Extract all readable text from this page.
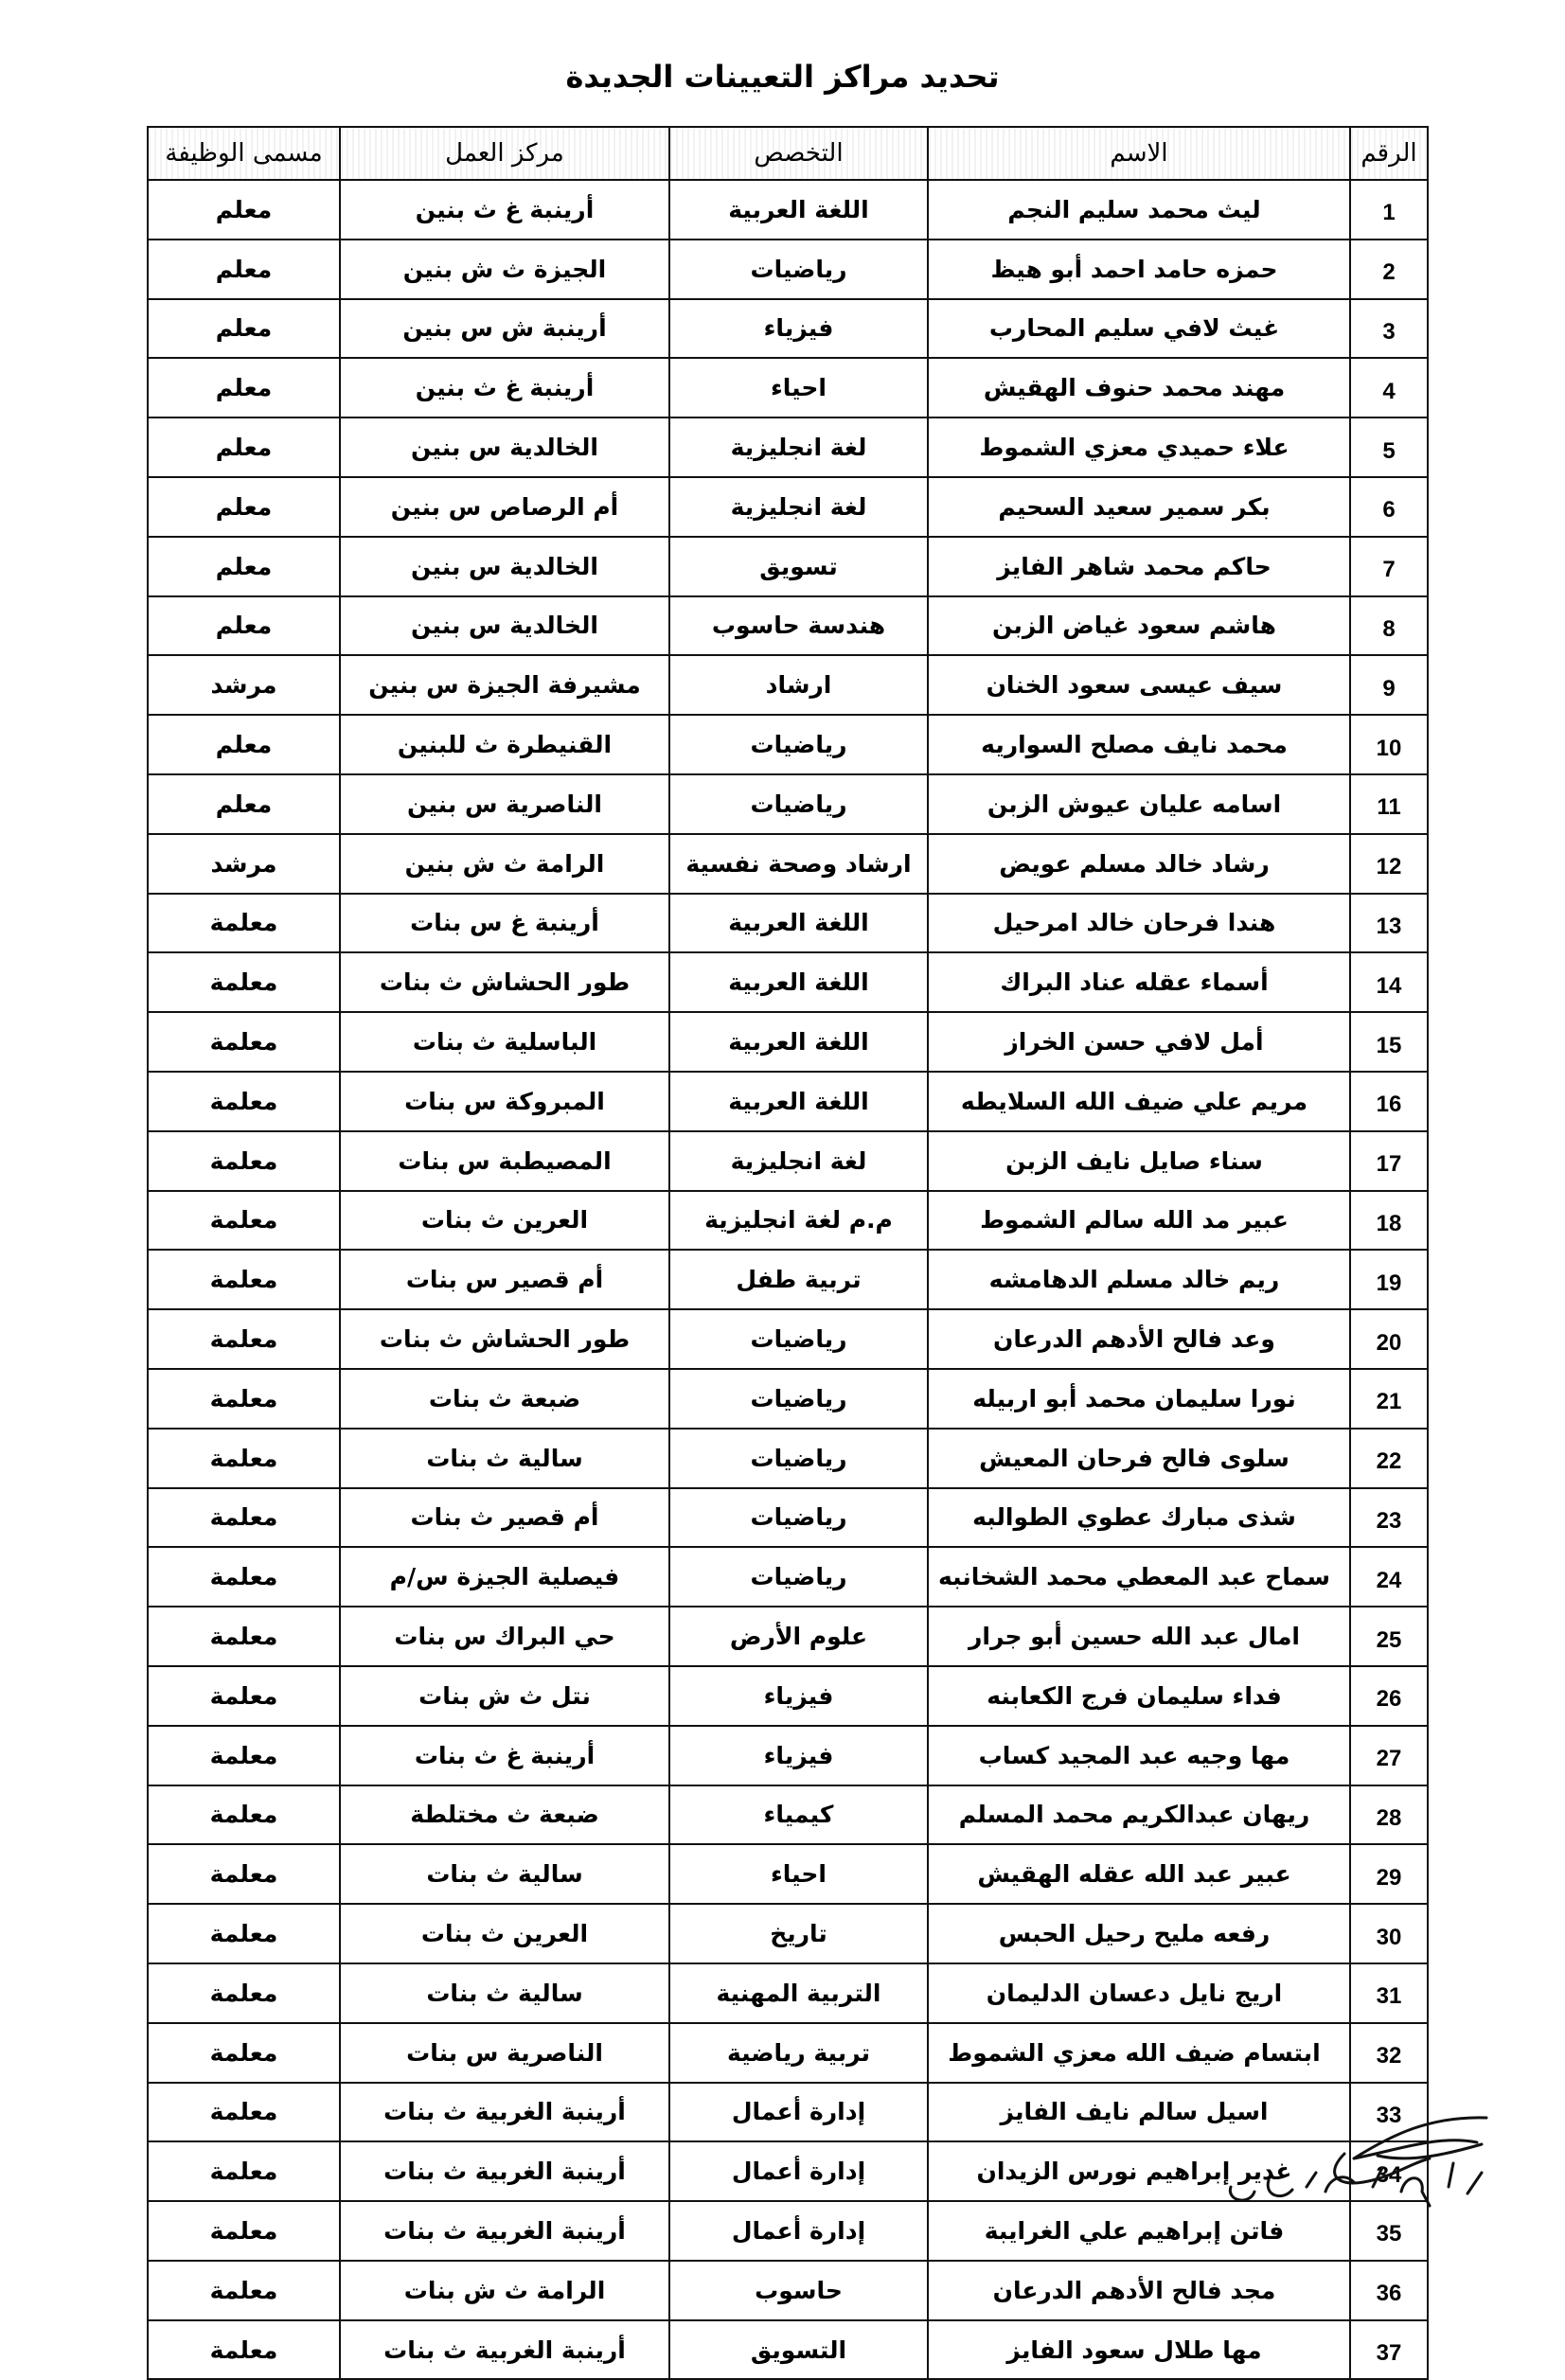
تحديد مراكز التعيينات الجديدة
الرقم	الاسم	التخصص	مركز العمل	مسمى الوظيفة
1	ليث محمد سليم النجم	اللغة العربية	أرينبة غ ث بنين	معلم
2	حمزه حامد احمد أبو هيظ	رياضيات	الجيزة ث ش بنين	معلم
3	غيث لافي سليم المحارب	فيزياء	أرينبة ش س بنين	معلم
4	مهند محمد حنوف الهقيش	احياء	أرينبة غ ث بنين	معلم
5	علاء حميدي معزي الشموط	لغة انجليزية	الخالدية س بنين	معلم
6	بكر سمير سعيد السحيم	لغة انجليزية	أم الرصاص س بنين	معلم
7	حاكم محمد شاهر الفايز	تسويق	الخالدية س بنين	معلم
8	هاشم سعود غياض الزبن	هندسة حاسوب	الخالدية س بنين	معلم
9	سيف عيسى سعود الخنان	ارشاد	مشيرفة الجيزة س بنين	مرشد
10	محمد نايف مصلح السواريه	رياضيات	القنيطرة ث للبنين	معلم
11	اسامه عليان عيوش الزبن	رياضيات	الناصرية س بنين	معلم
12	رشاد خالد مسلم عويض	ارشاد وصحة نفسية	الرامة ث ش بنين	مرشد
13	هندا فرحان خالد امرحيل	اللغة العربية	أرينبة غ س بنات	معلمة
14	أسماء عقله عناد البراك	اللغة العربية	طور الحشاش ث بنات	معلمة
15	أمل لافي حسن الخراز	اللغة العربية	الباسلية ث بنات	معلمة
16	مريم علي ضيف الله السلايطه	اللغة العربية	المبروكة س بنات	معلمة
17	سناء صايل نايف الزبن	لغة انجليزية	المصيطبة س بنات	معلمة
18	عبير مد الله سالم الشموط	م.م لغة انجليزية	العرين ث بنات	معلمة
19	ريم خالد مسلم الدهامشه	تربية طفل	أم قصير س بنات	معلمة
20	وعد فالح الأدهم الدرعان	رياضيات	طور الحشاش ث بنات	معلمة
21	نورا سليمان محمد أبو اربيله	رياضيات	ضبعة ث بنات	معلمة
22	سلوى فالح فرحان المعيش	رياضيات	سالية ث بنات	معلمة
23	شذى مبارك عطوي الطوالبه	رياضيات	أم قصير ث بنات	معلمة
24	سماح عبد المعطي محمد الشخانبه	رياضيات	فيصلية الجيزة س/م	معلمة
25	امال عبد الله حسين أبو جرار	علوم الأرض	حي البراك س بنات	معلمة
26	فداء سليمان فرج الكعابنه	فيزياء	نتل ث ش بنات	معلمة
27	مها وجيه عبد المجيد كساب	فيزياء	أرينبة غ ث بنات	معلمة
28	ريهان عبدالكريم محمد المسلم	كيمياء	ضبعة ث مختلطة	معلمة
29	عبير عبد الله عقله الهقيش	احياء	سالية ث بنات	معلمة
30	رفعه مليح رحيل الحبس	تاريخ	العرين ث بنات	معلمة
31	اريج نايل دعسان الدليمان	التربية المهنية	سالية ث بنات	معلمة
32	ابتسام ضيف الله معزي الشموط	تربية رياضية	الناصرية س بنات	معلمة
33	اسيل سالم نايف الفايز	إدارة أعمال	أرينبة الغربية ث بنات	معلمة
34	غدير إبراهيم نورس الزيدان	إدارة أعمال	أرينبة الغربية ث بنات	معلمة
35	فاتن إبراهيم علي الغرايبة	إدارة أعمال	أرينبة الغربية ث بنات	معلمة
36	مجد فالح الأدهم الدرعان	حاسوب	الرامة ث ش بنات	معلمة
37	مها طلال سعود الفايز	التسويق	أرينبة الغربية ث بنات	معلمة
